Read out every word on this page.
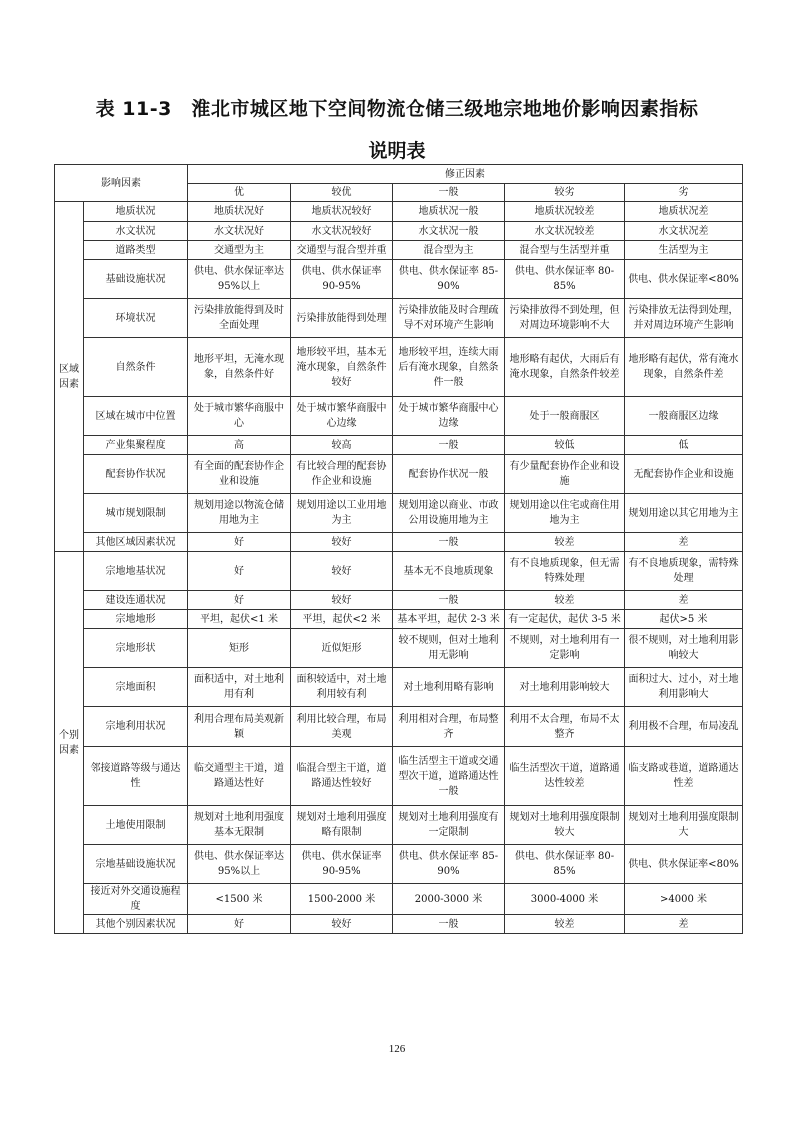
表 11-3　淮北市城区地下空间物流仓储三级地宗地地价影响因素指标
说明表
影响因素		修正因素				
		优	较优	一般	较劣	劣
区域因素	地质状况	地质状况好	地质状况较好	地质状况一般	地质状况较差	地质状况差
	水文状况	水文状况好	水文状况较好	水文状况一般	水文状况较差	水文状况差
	道路类型	交通型为主	交通型与混合型并重	混合型为主	混合型与生活型并重	生活型为主
	基础设施状况	供电、供水保证率达95%以上	供电、供水保证率 90-95%	供电、供水保证率 85-90%	供电、供水保证率 80-85%	供电、供水保证率<80%
	环境状况	污染排放能得到及时全面处理	污染排放能得到处理	污染排放能及时合理疏导不对环境产生影响	污染排放得不到处理，但对周边环境影响不大	污染排放无法得到处理，并对周边环境产生影响
	自然条件	地形平坦，无淹水现象，自然条件好	地形较平坦，基本无淹水现象，自然条件较好	地形较平坦，连续大雨后有淹水现象，自然条件一般	地形略有起伏，大雨后有淹水现象，自然条件较差	地形略有起伏，常有淹水现象，自然条件差
	区域在城市中位置	处于城市繁华商服中心	处于城市繁华商服中心边缘	处于城市繁华商服中心边缘	处于一般商服区	一般商服区边缘
	产业集聚程度	高	较高	一般	较低	低
	配套协作状况	有全面的配套协作企业和设施	有比较合理的配套协作企业和设施	配套协作状况一般	有少量配套协作企业和设施	无配套协作企业和设施
	城市规划限制	规划用途以物流仓储用地为主	规划用途以工业用地为主	规划用途以商业、市政公用设施用地为主	规划用途以住宅或商住用地为主	规划用途以其它用地为主
	其他区域因素状况	好	较好	一般	较差	差
个别因素	宗地地基状况	好	较好	基本无不良地质现象	有不良地质现象，但无需特殊处理	有不良地质现象，需特殊处理
	建设连通状况	好	较好	一般	较差	差
	宗地地形	平坦，起伏<1 米	平坦，起伏<2 米	基本平坦，起伏 2-3 米	有一定起伏，起伏 3-5 米	起伏>5 米
	宗地形状	矩形	近似矩形	较不规则，但对土地利用无影响	不规则，对土地利用有一定影响	很不规则，对土地利用影响较大
	宗地面积	面积适中，对土地利用有利	面积较适中，对土地利用较有利	对土地利用略有影响	对土地利用影响较大	面积过大、过小，对土地利用影响大
	宗地利用状况	利用合理布局美观新颖	利用比较合理，布局美观	利用相对合理，布局整齐	利用不太合理，布局不太整齐	利用极不合理，布局凌乱
	邻接道路等级与通达性	临交通型主干道，道路通达性好	临混合型主干道，道路通达性较好	临生活型主干道或交通型次干道，道路通达性一般	临生活型次干道，道路通达性较差	临支路或巷道，道路通达性差
	土地使用限制	规划对土地利用强度基本无限制	规划对土地利用强度略有限制	规划对土地利用强度有一定限制	规划对土地利用强度限制较大	规划对土地利用强度限制大
	宗地基础设施状况	供电、供水保证率达95%以上	供电、供水保证率 90-95%	供电、供水保证率 85-90%	供电、供水保证率 80-85%	供电、供水保证率<80%
	接近对外交通设施程度	<1500 米	1500-2000 米	2000-3000 米	3000-4000 米	>4000 米
	其他个别因素状况	好	较好	一般	较差	差
126
